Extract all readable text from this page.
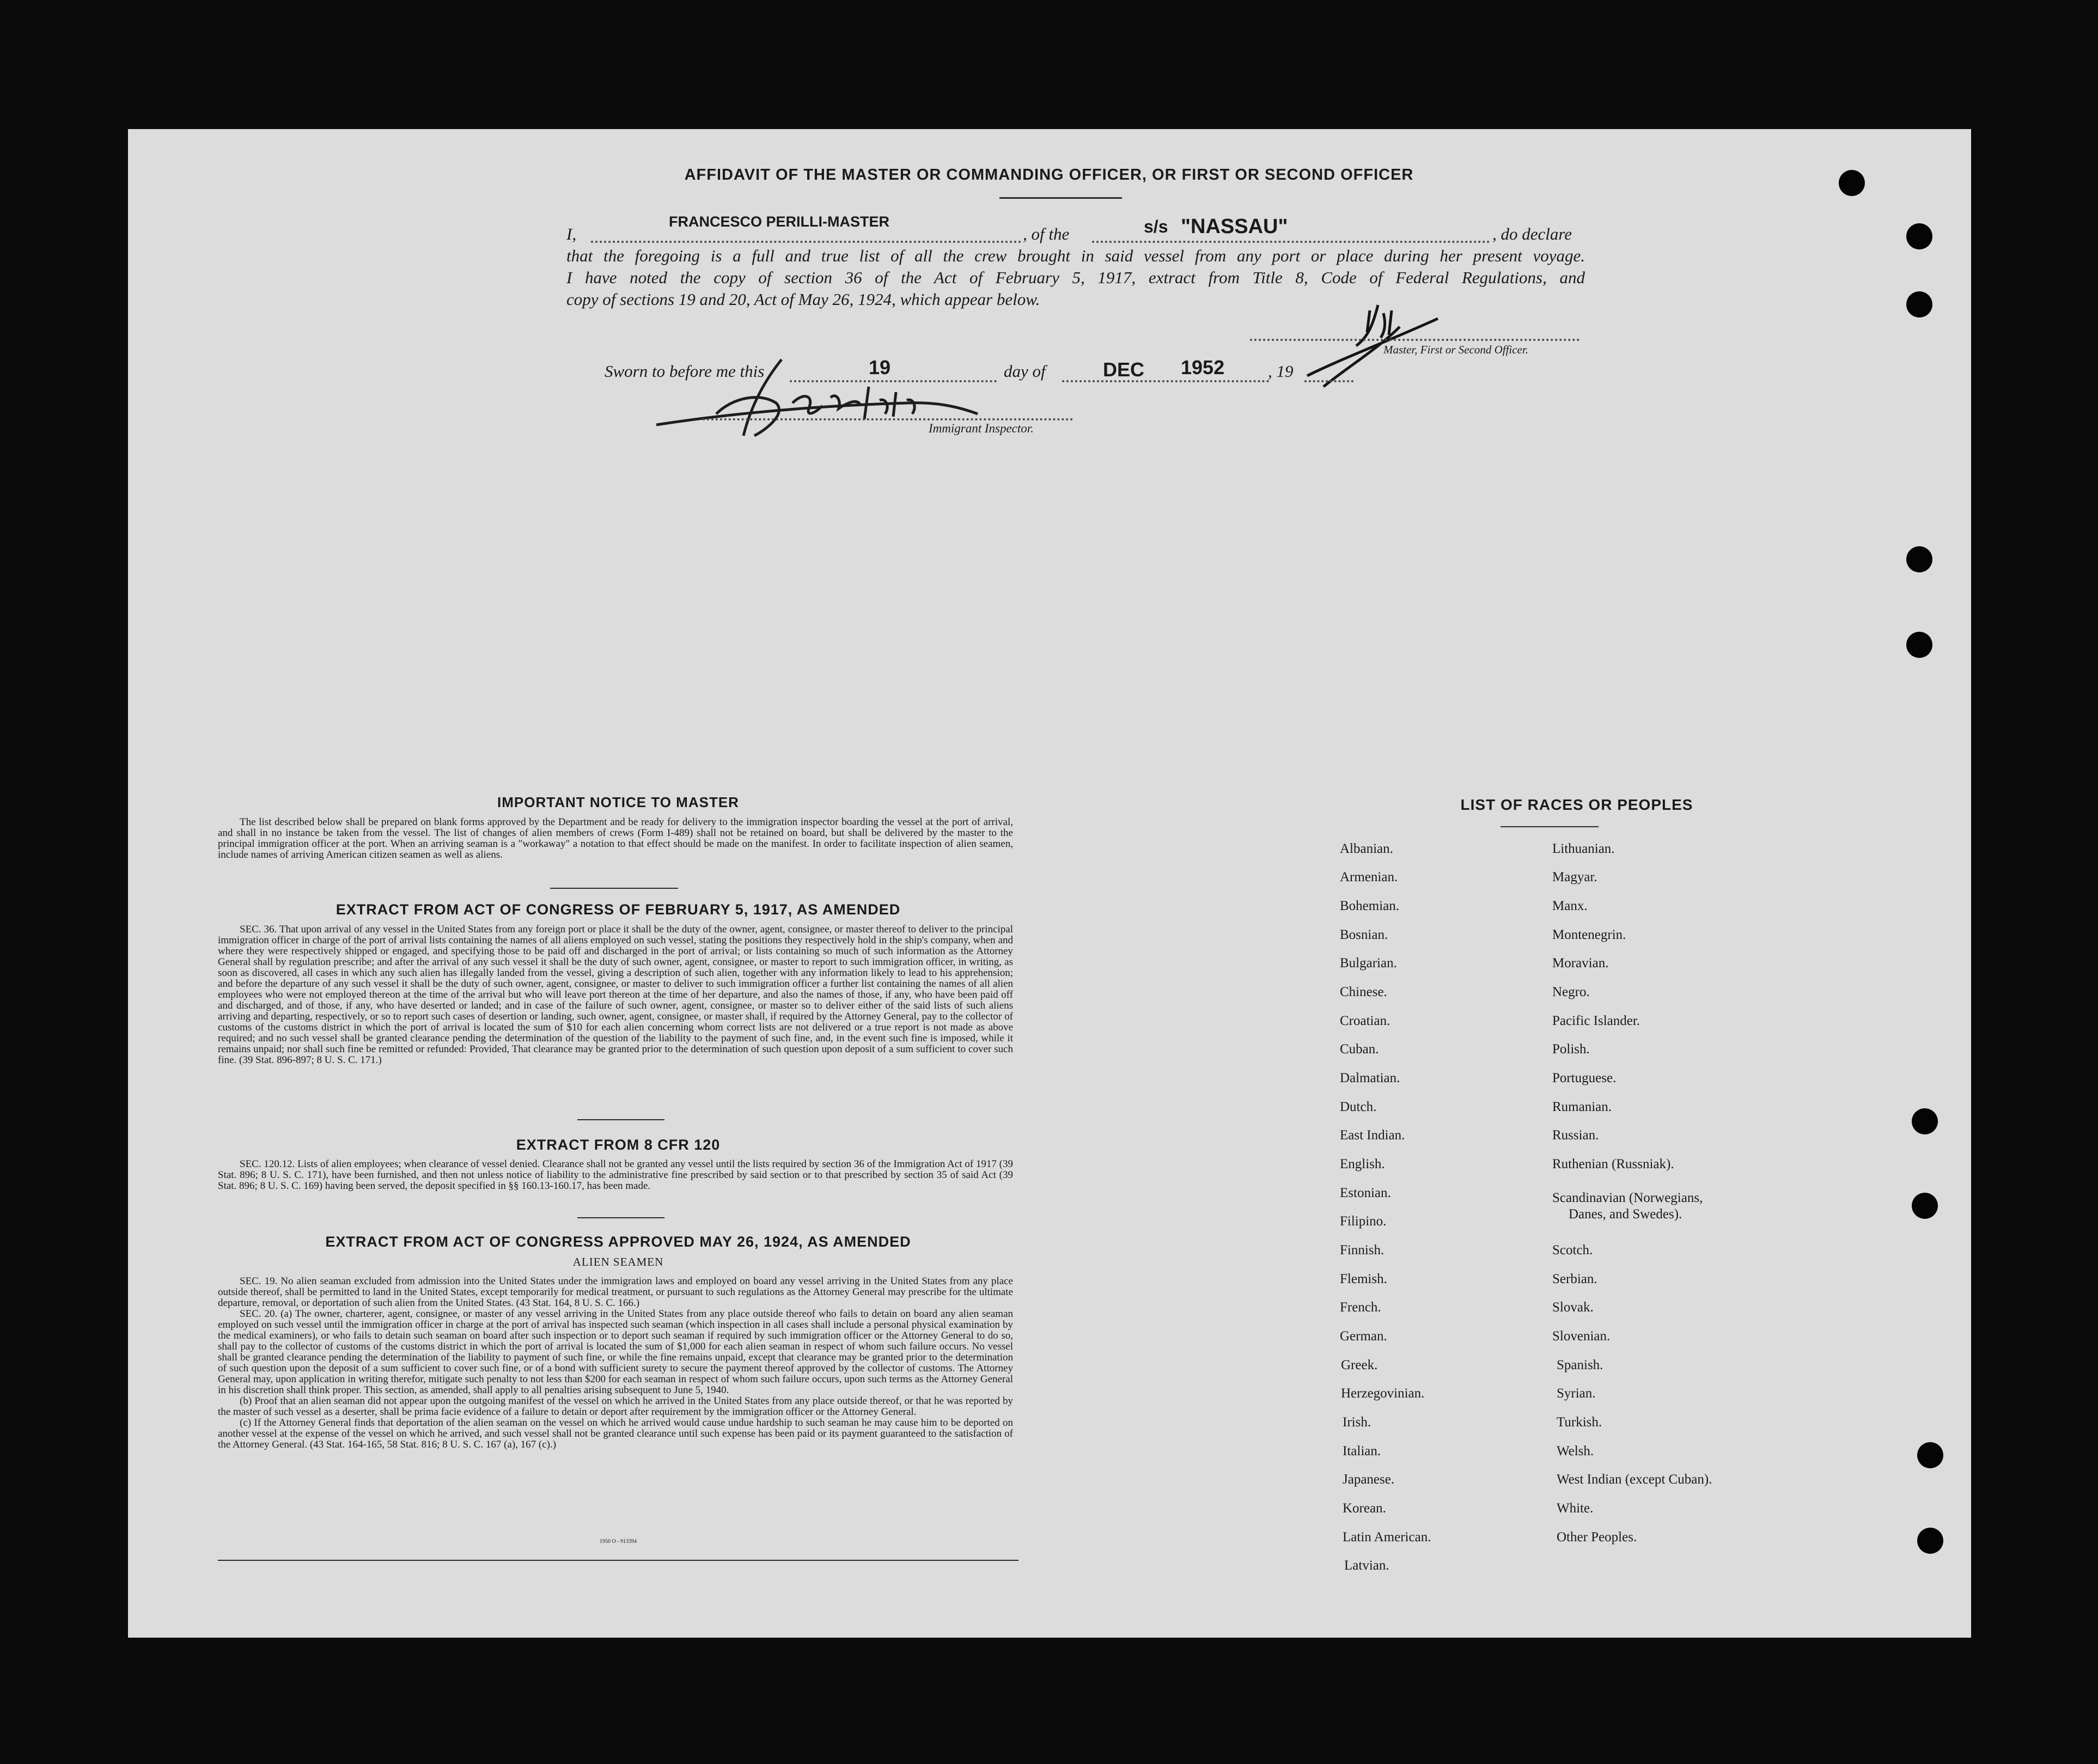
AFFIDAVIT OF THE MASTER OR COMMANDING OFFICER, OR FIRST OR SECOND OFFICER
I,
FRANCESCO PERILLI-MASTER
, of the	s/s "NASSAU"	, do declare
that the foregoing is a full and true list of all the crew brought in said vessel from any port or place during her present voyage.
I have noted the copy of section 36 of the Act of February 5, 1917, extract from Title 8, Code of Federal Regulations, and
copy of sections 19 and 20, Act of May 26, 1924, which appear below.
Master, First or Second Officer.
Sworn to before me this	19	day of	DEC 1952	, 19
Immigrant Inspector.
IMPORTANT NOTICE TO MASTER

The list described below shall be prepared on blank forms approved by the Department and be ready for delivery to the immigration inspector boarding the vessel at the port of arrival, and shall in no instance be taken from the vessel. The list of changes of alien members of crews (Form I-489) shall not be retained on board, but shall be delivered by the master to the principal immigration officer at the port. When an arriving seaman is a "workaway" a notation to that effect should be made on the manifest. In order to facilitate inspection of alien seamen, include names of arriving American citizen seamen as well as aliens.

EXTRACT FROM ACT OF CONGRESS OF FEBRUARY 5, 1917, AS AMENDED

SEC. 36. That upon arrival of any vessel in the United States from any foreign port or place it shall be the duty of the owner, agent, consignee, or master thereof to deliver to the principal immigration officer in charge of the port of arrival lists containing the names of all aliens employed on such vessel, stating the positions they respectively hold in the ship's company, when and where they were respectively shipped or engaged, and specifying those to be paid off and discharged in the port of arrival; or lists containing so much of such information as the Attorney General shall by regulation prescribe; and after the arrival of any such vessel it shall be the duty of such owner, agent, consignee, or master to report to such immigration officer, in writing, as soon as discovered, all cases in which any such alien has illegally landed from the vessel, giving a description of such alien, together with any information likely to lead to his apprehension; and before the departure of any such vessel it shall be the duty of such owner, agent, consignee, or master to deliver to such immigration officer a further list containing the names of all alien employees who were not employed thereon at the time of the arrival but who will leave port thereon at the time of her departure, and also the names of those, if any, who have been paid off and discharged, and of those, if any, who have deserted or landed; and in case of the failure of such owner, agent, consignee, or master so to deliver either of the said lists of such aliens arriving and departing, respectively, or so to report such cases of desertion or landing, such owner, agent, consignee, or master shall, if required by the Attorney General, pay to the collector of customs of the customs district in which the port of arrival is located the sum of $10 for each alien concerning whom correct lists are not delivered or a true report is not made as above required; and no such vessel shall be granted clearance pending the determination of the question of the liability to the payment of such fine, and, in the event such fine is imposed, while it remains unpaid; nor shall such fine be remitted or refunded: Provided, That clearance may be granted prior to the determination of such question upon deposit of a sum sufficient to cover such fine. (39 Stat. 896-897; 8 U. S. C. 171.)

EXTRACT FROM 8 CFR 120

SEC. 120.12. Lists of alien employees; when clearance of vessel denied. Clearance shall not be granted any vessel until the lists required by section 36 of the Immigration Act of 1917 (39 Stat. 896; 8 U. S. C. 171), have been furnished, and then not unless notice of liability to the administrative fine prescribed by said section or to that prescribed by section 35 of said Act (39 Stat. 896; 8 U. S. C. 169) having been served, the deposit specified in §§ 160.13-160.17, has been made.

EXTRACT FROM ACT OF CONGRESS APPROVED MAY 26, 1924, AS AMENDED
ALIEN SEAMEN

SEC. 19. No alien seaman excluded from admission into the United States under the immigration laws and employed on board any vessel arriving in the United States from any place outside thereof, shall be permitted to land in the United States, except temporarily for medical treatment, or pursuant to such regulations as the Attorney General may prescribe for the ultimate departure, removal, or deportation of such alien from the United States. (43 Stat. 164, 8 U. S. C. 166.)

SEC. 20. (a) The owner, charterer, agent, consignee, or master of any vessel arriving in the United States from any place outside thereof who fails to detain on board any alien seaman employed on such vessel until the immigration officer in charge at the port of arrival has inspected such seaman (which inspection in all cases shall include a personal physical examination by the medical examiners), or who fails to detain such seaman on board after such inspection or to deport such seaman if required by such immigration officer or the Attorney General to do so, shall pay to the collector of customs of the customs district in which the port of arrival is located the sum of $1,000 for each alien seaman in respect of whom such failure occurs. No vessel shall be granted clearance pending the determination of the liability to payment of such fine, or while the fine remains unpaid, except that clearance may be granted prior to the determination of such question upon the deposit of a sum sufficient to cover such fine, or of a bond with sufficient surety to secure the payment thereof approved by the collector of customs. The Attorney General may, upon application in writing therefor, mitigate such penalty to not less than $200 for each seaman in respect of whom such failure occurs, upon such terms as the Attorney General in his discretion shall think proper. This section, as amended, shall apply to all penalties arising subsequent to June 5, 1940.

(b) Proof that an alien seaman did not appear upon the outgoing manifest of the vessel on which he arrived in the United States from any place outside thereof, or that he was reported by the master of such vessel as a deserter, shall be prima facie evidence of a failure to detain or deport after requirement by the immigration officer or the Attorney General.

(c) If the Attorney General finds that deportation of the alien seaman on the vessel on which he arrived would cause undue hardship to such seaman he may cause him to be deported on another vessel at the expense of the vessel on which he arrived, and such vessel shall not be granted clearance until such expense has been paid or its payment guaranteed to the satisfaction of the Attorney General. (43 Stat. 164-165, 58 Stat. 816; 8 U. S. C. 167 (a), 167 (c).)

1950 O - 913394
LIST OF RACES OR PEOPLES
Albanian.
Armenian.
Bohemian.
Bosnian.
Bulgarian.
Chinese.
Croatian.
Cuban.
Dalmatian.
Dutch.
East Indian.
English.
Estonian.
Filipino.
Finnish.
Flemish.
French.
German.
Greek.
Herzegovinian.
Irish.
Italian.
Japanese.
Korean.
Latin American.
Latvian.
Lithuanian.
Magyar.
Manx.
Montenegrin.
Moravian.
Negro.
Pacific Islander.
Polish.
Portuguese.
Rumanian.
Russian.
Ruthenian (Russniak).
Scandinavian (Norwegians,
Danes, and Swedes).
Scotch.
Serbian.
Slovak.
Slovenian.
Spanish.
Syrian.
Turkish.
Welsh.
West Indian (except Cuban).
White.
Other Peoples.
